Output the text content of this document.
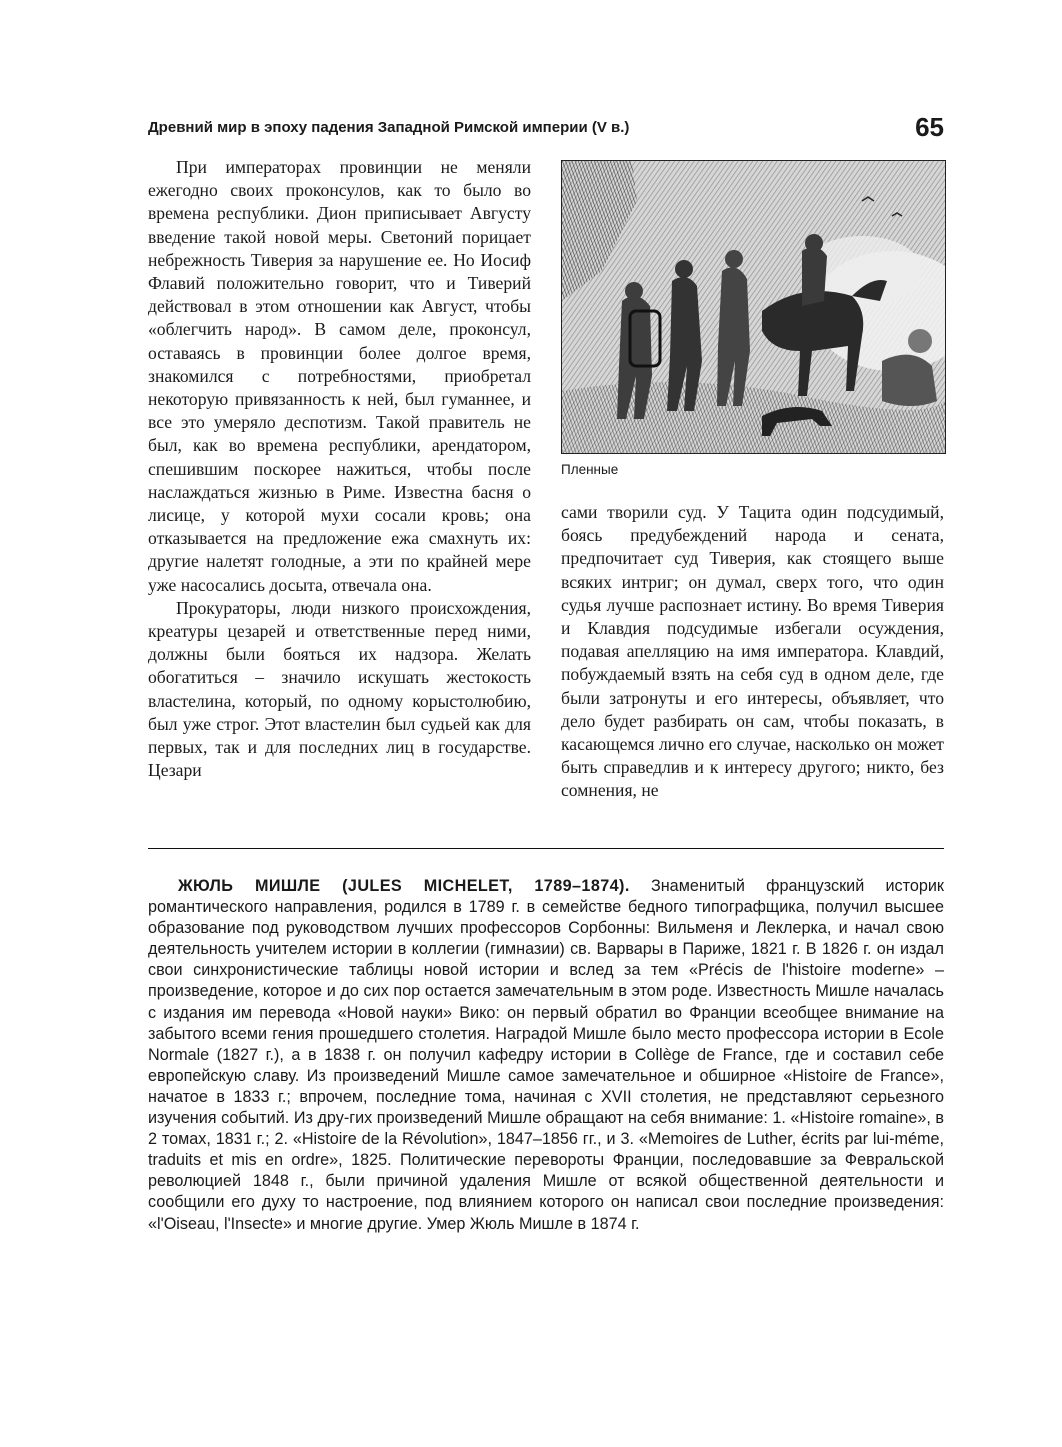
Древний мир в эпоху падения Западной Римской империи (V в.)	65

При императорах провинции не меняли ежегодно своих проконсулов, как то было во времена республики. Дион приписывает Августу введение такой новой меры. Светоний порицает небрежность Тиверия за нарушение ее. Но Иосиф Флавий положительно говорит, что и Тиверий действовал в этом отношении как Август, чтобы «облегчить народ». В самом деле, проконсул, оставаясь в провинции более долгое время, знакомился с потребностями, приобретал некоторую привязанность к ней, был гуманнее, и все это умеряло деспотизм. Такой правитель не был, как во времена республики, арендатором, спешившим поскорее нажиться, чтобы после наслаждаться жизнью в Риме. Известна басня о лисице, у которой мухи сосали кровь; она отказывается на предложение ежа смахнуть их: другие налетят голодные, а эти по крайней мере уже насосались досыта, отвечала она.

Прокураторы, люди низкого происхождения, креатуры цезарей и ответственные перед ними, должны были бояться их надзора. Желать обогатиться – значило искушать жестокость властелина, который, по одному корыстолюбию, был уже строг. Этот властелин был судьей как для первых, так и для последних лиц в государстве. Цезари

Пленные

сами творили суд. У Тацита один подсудимый, боясь предубеждений народа и сената, предпочитает суд Тиверия, как стоящего выше всяких интриг; он думал, сверх того, что один судья лучше распознает истину. Во время Тиверия и Клавдия подсудимые избегали осуждения, подавая апелляцию на имя императора. Клавдий, побуждаемый взять на себя суд в одном деле, где были затронуты и его интересы, объявляет, что дело будет разбирать он сам, чтобы показать, в касающемся лично его случае, насколько он может быть справедлив и к интересу другого; никто, без сомнения, не

ЖЮЛЬ МИШЛЕ (JULES MICHELET, 1789–1874). Знаменитый французский историк романтического направления, родился в 1789 г. в семействе бедного типографщика, получил высшее образование под руководством лучших профессоров Сорбонны: Вильменя и Леклерка, и начал свою деятельность учителем истории в коллегии (гимназии) св. Варвары в Париже, 1821 г. В 1826 г. он издал свои синхронистические таблицы новой истории и вслед за тем «Précis de l'histoire moderne» – произведение, которое и до сих пор остается замечательным в этом роде. Известность Мишле началась с издания им перевода «Новой науки» Вико: он первый обратил во Франции всеобщее внимание на забытого всеми гения прошедшего столетия. Наградой Мишле было место профессора истории в Ecole Normale (1827 г.), а в 1838 г. он получил кафедру истории в Collège de France, где и составил себе европейскую славу. Из произведений Мишле самое замечательное и обширное «Histoire de France», начатое в 1833 г.; впрочем, последние тома, начиная с XVII столетия, не представляют серьезного изучения событий. Из дру-гих произведений Мишле обращают на себя внимание: 1. «Histoire romaine», в 2 томах, 1831 г.; 2. «Histoire de la Révolution», 1847–1856 гг., и 3. «Memoires de Luther, écrits par lui-méme, traduits et mis en ordre», 1825. Политические перевороты Франции, последовавшие за Февральской революцией 1848 г., были причиной удаления Мишле от всякой общественной деятельности и сообщили его духу то настроение, под влиянием которого он написал свои последние произведения: «l'Oiseau, l'Insecte» и многие другие. Умер Жюль Мишле в 1874 г.
